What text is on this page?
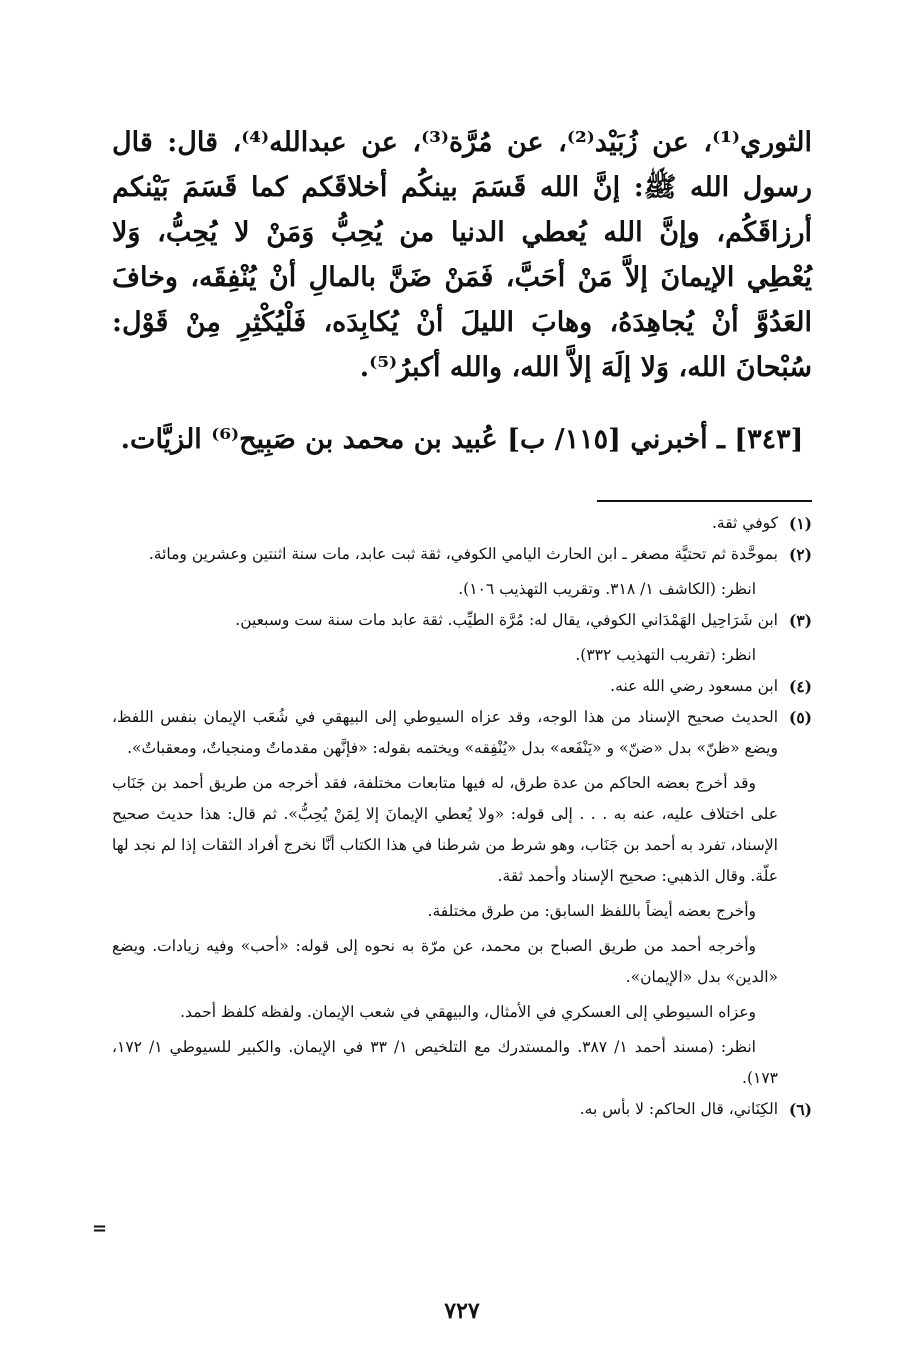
الثوري⁽¹⁾، عن زُبَيْد⁽²⁾، عن مُرَّة⁽³⁾، عن عبدالله⁽⁴⁾، قال: قال رسول الله ﷺ: إنَّ الله قَسَمَ بينكُم أخلاقَكم كما قَسَمَ بَيْنكم أرزاقَكُم، وإنَّ الله يُعطي الدنيا من يُحِبُّ وَمَنْ لا يُحِبُّ، وَلا يُعْطِي الإيمانَ إلاَّ مَنْ أحَبَّ، فَمَنْ ضَنَّ بالمالِ أنْ يُنْفِقَه، وخافَ العَدُوَّ أنْ يُجاهِدَهُ، وهابَ الليلَ أنْ يُكابِدَه، فَلْيُكْثِرِ مِنْ قَوْل: سُبْحانَ الله، وَلا إلَهَ إلاَّ الله، والله أكبرُ⁽⁵⁾.

[٣٤٣] ـ أخبرني [١١٥/ ب] عُبيد بن محمد بن صَبِيح⁽⁶⁾ الزيَّات.
(١)

كوفي ثقة.

(٢)

بموحَّدة ثم تحتيَّة مصغر ـ ابن الحارث اليامي الكوفي، ثقة ثبت عابد، مات سنة اثنتين وعشرين ومائة.

انظر: (الكاشف ١/ ٣١٨. وتقريب التهذيب ١٠٦).

(٣)

ابن شَرَاحِيل الهَمْدَاني الكوفي، يقال له: مُرَّة الطيِّب. ثقة عابد مات سنة ست وسبعين.

انظر: (تقريب التهذيب ٣٣٢).

(٤)

ابن مسعود رضي الله عنه.

(٥)

الحديث صحيح الإسناد من هذا الوجه، وقد عزاه السيوطي إلى البيهقي في شُعَب الإيمان بنفس اللفظ، ويضع «ظنّ» بدل «ضنّ» و «يَنْفَعه» بدل «يُنْفِقه» ويختمه بقوله: «فإنَّهن مقدماتٌ ومنجياتٌ، ومعقباتٌ».

وقد أخرج بعضه الحاكم من عدة طرق، له فيها متابعات مختلفة، فقد أخرجه من طريق أحمد بن جَنَاب على اختلاف عليه، عنه به . . . إلى قوله: «ولا يُعطي الإيمانَ إلا لِمَنْ يُحِبُّ». ثم قال: هذا حديث صحيح الإسناد، تفرد به أحمد بن جَنَاب، وهو شرط من شرطنا في هذا الكتاب أنَّا نخرج أفراد الثقات إذا لم نجد لها علّة. وقال الذهبي: صحيح الإسناد وأحمد ثقة.

وأخرج بعضه أيضاً باللفظ السابق: من طرق مختلفة.

وأخرجه أحمد من طريق الصباح بن محمد، عن مرّة به نحوه إلى قوله: «أحب» وفيه زيادات. ويضع «الدين» بدل «الإيمان».

وعزاه السيوطي إلى العسكري في الأمثال، والبيهقي في شعب الإيمان. ولفظه كلفظ أحمد.

انظر: (مسند أحمد ١/ ٣٨٧. والمستدرك مع التلخيص ١/ ٣٣ في الإيمان. والكبير للسيوطي ١/ ١٧٢، ١٧٣).

(٦)

الكِنَاني، قال الحاكم: لا بأس به.

=
٧٢٧
